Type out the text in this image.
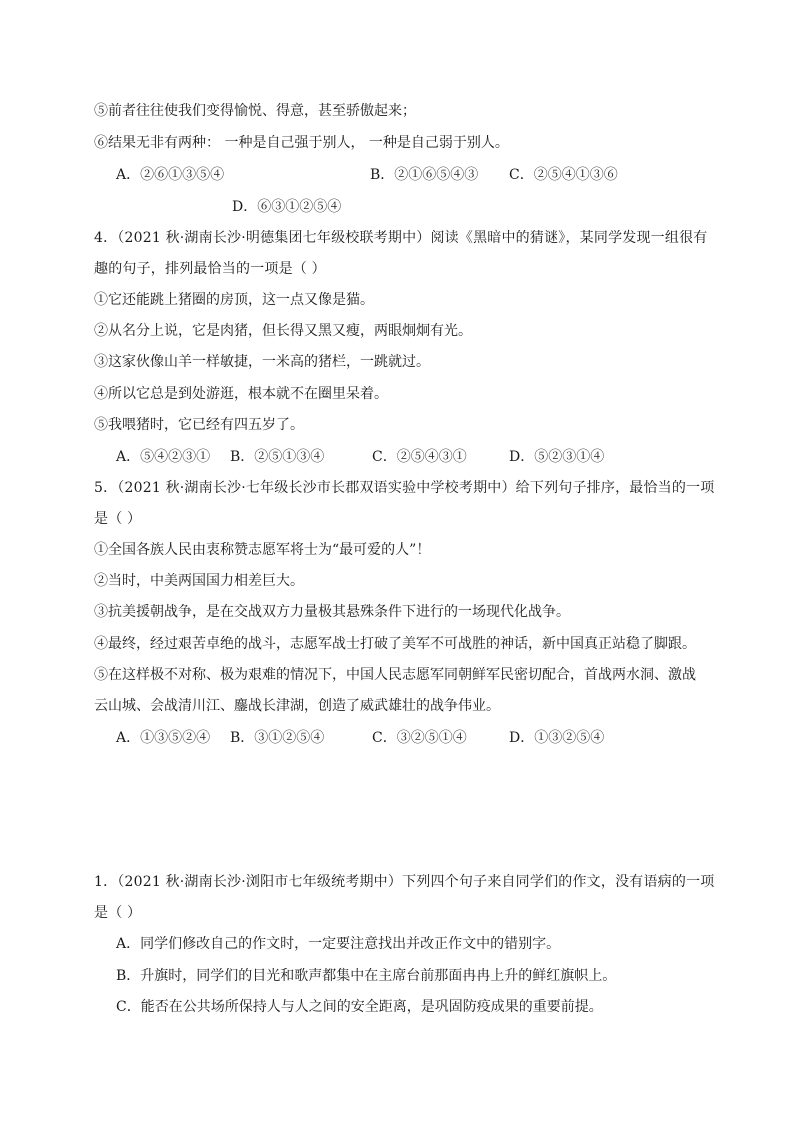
⑤前者往往使我们变得愉悦、得意，甚至骄傲起来；
⑥结果无非有两种： 一种是自己强于别人， 一种是自己弱于别人。
A．②⑥①③⑤④	B．②①⑥⑤④③ C．②⑤④①③⑥
D．⑥③①②⑤④
4．（2021 秋·湖南长沙·明德集团七年级校联考期中）阅读《黑暗中的猜谜》，某同学发现一组很有
趣的句子，排列最恰当的一项是（ ）
①它还能跳上猪圈的房顶，这一点又像是猫。
②从名分上说，它是肉猪，但长得又黑又瘦，两眼炯炯有光。
③这家伙像山羊一样敏捷，一米高的猪栏，一跳就过。
④所以它总是到处游逛，根本就不在圈里呆着。
⑤我喂猪时，它已经有四五岁了。
A．⑤④②③① B．②⑤①③④	C．②⑤④③①	D．⑤②③①④
5．（2021 秋·湖南长沙·七年级长沙市长郡双语实验中学校考期中）给下列句子排序，最恰当的一项
是（ ）
①全国各族人民由衷称赞志愿军将士为“最可爱的人”！
②当时，中美两国国力相差巨大。
③抗美援朝战争，是在交战双方力量极其悬殊条件下进行的一场现代化战争。
④最终，经过艰苦卓绝的战斗，志愿军战士打破了美军不可战胜的神话，新中国真正站稳了脚跟。
⑤在这样极不对称、极为艰难的情况下，中国人民志愿军同朝鲜军民密切配合，首战两水洞、激战
云山城、会战清川江、鏖战长津湖，创造了威武雄壮的战争伟业。
A．①③⑤②④ B．③①②⑤④	C．③②⑤①④	D．①③②⑤④
1．（2021 秋·湖南长沙·浏阳市七年级统考期中）下列四个句子来自同学们的作文，没有语病的一项
是（ ）
A．同学们修改自己的作文时，一定要注意找出并改正作文中的错别字。
B．升旗时，同学们的目光和歌声都集中在主席台前那面冉冉上升的鲜红旗帜上。
C．能否在公共场所保持人与人之间的安全距离，是巩固防疫成果的重要前提。
